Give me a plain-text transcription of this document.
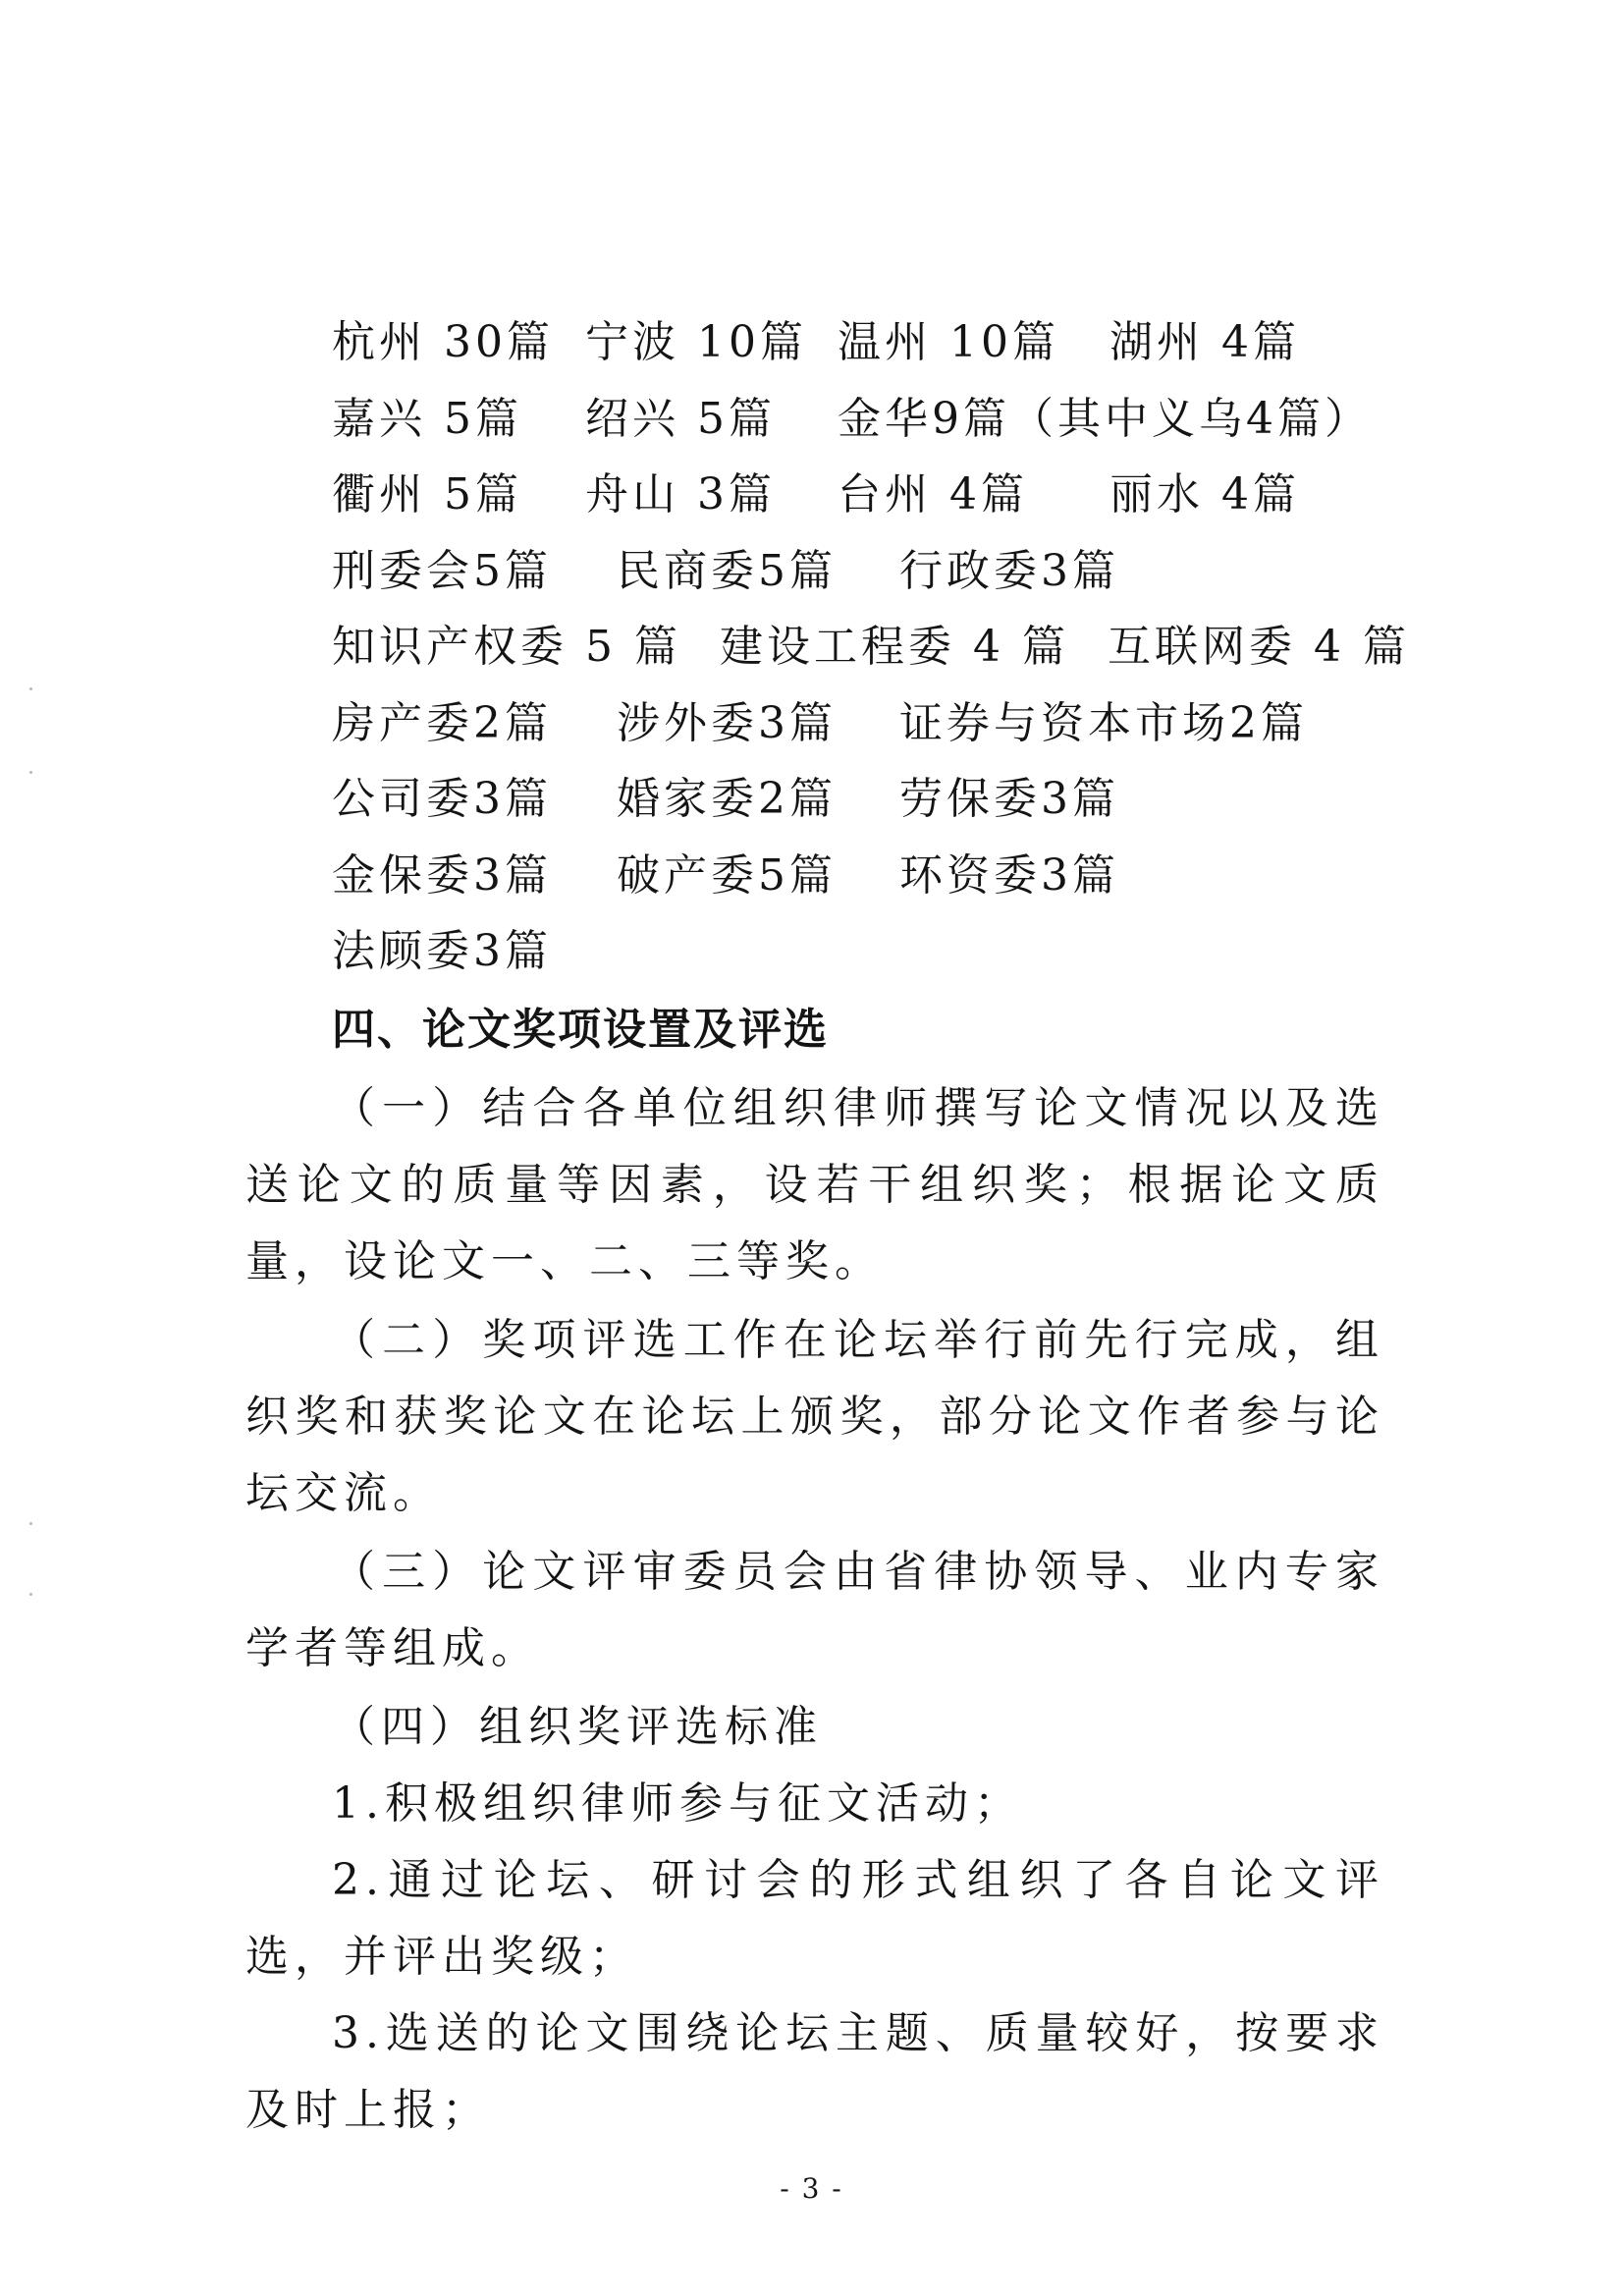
杭州 30篇 宁波 10篇 温州 10篇 湖州 4篇
嘉兴 5篇 绍兴 5篇 金华9篇（其中义乌4篇）
衢州 5篇 舟山 3篇 台州 4篇 丽水 4篇
刑委会5篇 民商委5篇 行政委3篇
知识产权委 5 篇 建设工程委 4 篇 互联网委 4 篇
房产委2篇 涉外委3篇 证券与资本市场2篇
公司委3篇 婚家委2篇 劳保委3篇
金保委3篇 破产委5篇 环资委3篇
法顾委3篇
四、论文奖项设置及评选

（一）结合各单位组织律师撰写论文情况以及选送论文的质量等因素，设若干组织奖；根据论文质量，设论文一、二、三等奖。

（二）奖项评选工作在论坛举行前先行完成，组织奖和获奖论文在论坛上颁奖，部分论文作者参与论坛交流。

（三）论文评审委员会由省律协领导、业内专家学者等组成。

（四）组织奖评选标准

1.积极组织律师参与征文活动；

2.通过论坛、研讨会的形式组织了各自论文评选，并评出奖级；

3.选送的论文围绕论坛主题、质量较好，按要求及时上报；

- 3 -
